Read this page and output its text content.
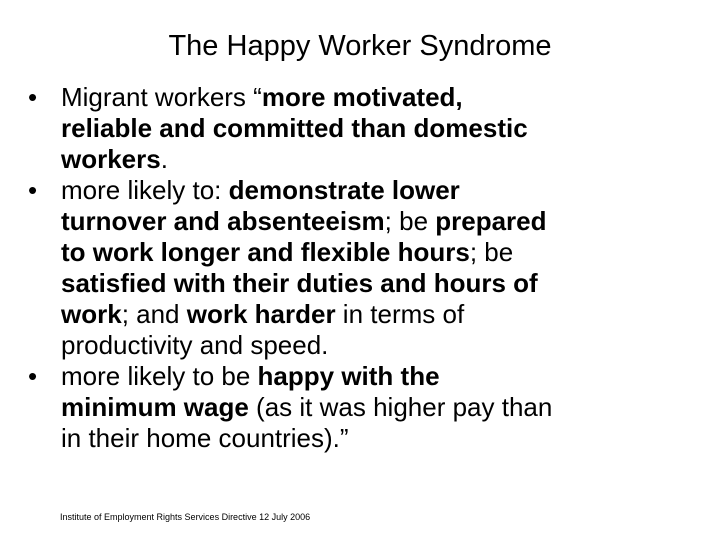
The Happy Worker Syndrome
• Migrant workers “more motivated,
reliable and committed than domestic
workers.
• more likely to: demonstrate lower
turnover and absenteeism; be prepared
to work longer and flexible hours; be
satisfied with their duties and hours of
work; and work harder in terms of
productivity and speed.
• more likely to be happy with the
minimum wage (as it was higher pay than
in their home countries).”
Institute of Employment Rights Services Directive 12 July 2006
